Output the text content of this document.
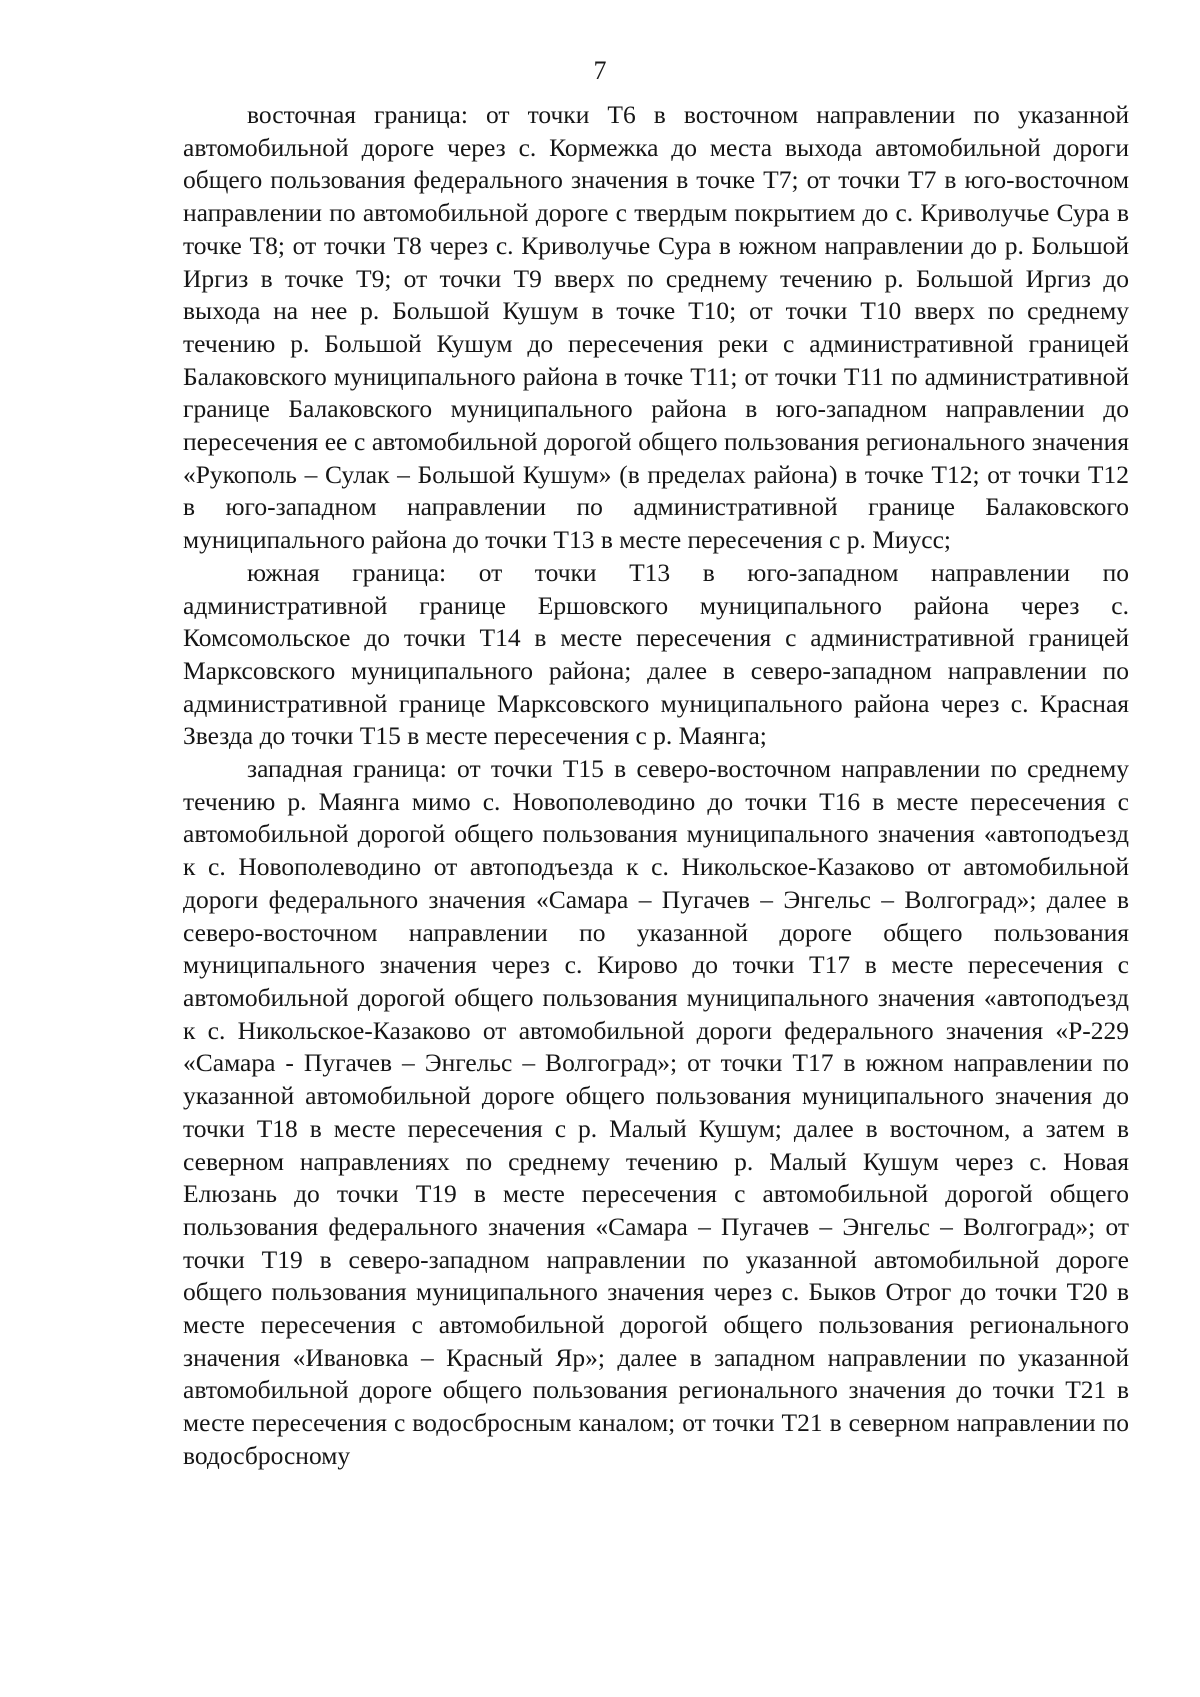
7

восточная граница: от точки Т6 в восточном направлении по указанной автомобильной дороге через с. Кормежка до места выхода автомобильной дороги общего пользования федерального значения в точке Т7; от точки Т7 в юго-восточном направлении по автомобильной дороге с твердым покрытием до с. Криволучье Сура в точке Т8; от точки Т8 через с. Криволучье Сура в южном направлении до р. Большой Иргиз в точке Т9; от точки Т9 вверх по среднему течению р. Большой Иргиз до выхода на нее р. Большой Кушум в точке Т10; от точки Т10 вверх по среднему течению р. Большой Кушум до пересечения реки с административной границей Балаковского муниципального района в точке Т11; от точки Т11 по административной границе Балаковского муниципального района в юго-западном направлении до пересечения ее с автомобильной дорогой общего пользования регионального значения «Рукополь – Сулак – Большой Кушум» (в пределах района) в точке Т12; от точки Т12 в юго-западном направлении по административной границе Балаковского муниципального района до точки Т13 в месте пересечения с р. Миусс;

южная граница: от точки Т13 в юго-западном направлении по административной границе Ершовского муниципального района через с. Комсомольское до точки Т14 в месте пересечения с административной границей Марксовского муниципального района; далее в северо-западном направлении по административной границе Марксовского муниципального района через с. Красная Звезда до точки Т15 в месте пересечения с р. Маянга;

западная граница: от точки Т15 в северо-восточном направлении по среднему течению р. Маянга мимо с. Новополеводино до точки Т16 в месте пересечения с автомобильной дорогой общего пользования муниципального значения «автоподъезд к с. Новополеводино от автоподъезда к с. Никольское-Казаково от автомобильной дороги федерального значения «Самара – Пугачев – Энгельс – Волгоград»; далее в северо-восточном направлении по указанной дороге общего пользования муниципального значения через с. Кирово до точки Т17 в месте пересечения с автомобильной дорогой общего пользования муниципального значения «автоподъезд к с. Никольское-Казаково от автомобильной дороги федерального значения «Р-229 «Самара - Пугачев – Энгельс – Волгоград»; от точки Т17 в южном направлении по указанной автомобильной дороге общего пользования муниципального значения до точки Т18 в месте пересечения с р. Малый Кушум; далее в восточном, а затем в северном направлениях по среднему течению р. Малый Кушум через с. Новая Елюзань до точки Т19 в месте пересечения с автомобильной дорогой общего пользования федерального значения «Самара – Пугачев – Энгельс – Волгоград»; от точки Т19 в северо-западном направлении по указанной автомобильной дороге общего пользования муниципального значения через с. Быков Отрог до точки Т20 в месте пересечения с автомобильной дорогой общего пользования регионального значения «Ивановка – Красный Яр»; далее в западном направлении по указанной автомобильной дороге общего пользования регионального значения до точки Т21 в месте пересечения с водосбросным каналом; от точки Т21 в северном направлении по водосбросному
